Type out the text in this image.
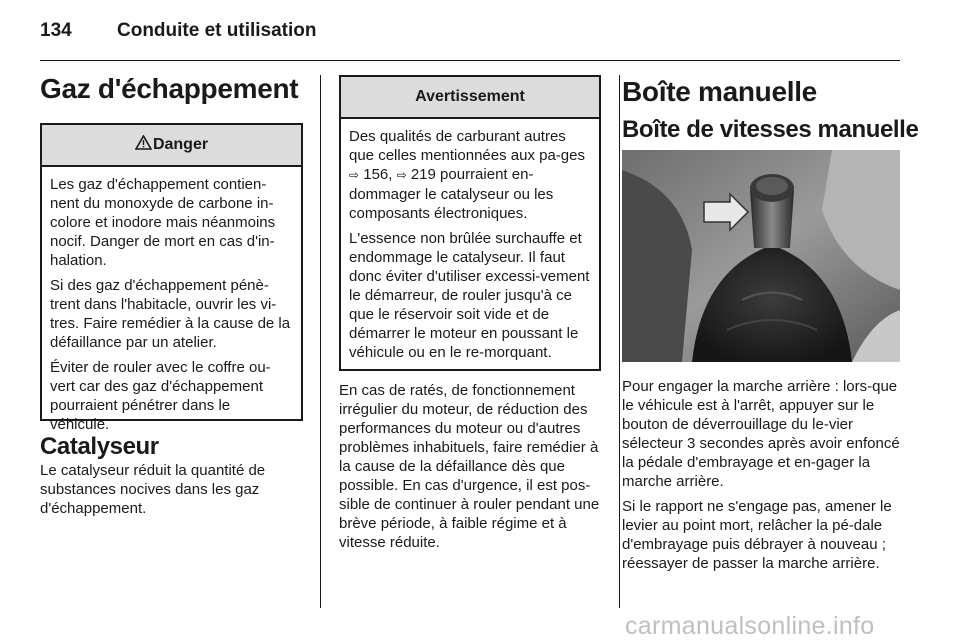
134 Conduite et utilisation
Gaz d'échappement
Danger

Les gaz d'échappement contien-nent du monoxyde de carbone in-colore et inodore mais néanmoins nocif. Danger de mort en cas d'in-halation.

Si des gaz d'échappement pénè-trent dans l'habitacle, ouvrir les vi-tres. Faire remédier à la cause de la défaillance par un atelier.

Éviter de rouler avec le coffre ou-vert car des gaz d'échappement pourraient pénétrer dans le véhicule.

Catalyseur
Le catalyseur réduit la quantité de substances nocives dans les gaz d'échappement.
Avertissement

Des qualités de carburant autres que celles mentionnées aux pa-ges ⇨ 156, ⇨ 219 pourraient en-dommager le catalyseur ou les composants électroniques.

L'essence non brûlée surchauffe et endommage le catalyseur. Il faut donc éviter d'utiliser excessi-vement le démarreur, de rouler jusqu'à ce que le réservoir soit vide et de démarrer le moteur en poussant le véhicule ou en le re-morquant.

En cas de ratés, de fonctionnement irrégulier du moteur, de réduction des performances du moteur ou d'autres problèmes inhabituels, faire remédier à la cause de la défaillance dès que possible. En cas d'urgence, il est pos-sible de continuer à rouler pendant une brève période, à faible régime et à vitesse réduite.
Boîte manuelle
Boîte de vitesses manuelle

Pour engager la marche arrière : lors-que le véhicule est à l'arrêt, appuyer sur le bouton de déverrouillage du le-vier sélecteur 3 secondes après avoir enfoncé la pédale d'embrayage et en-gager la marche arrière.

Si le rapport ne s'engage pas, amener le levier au point mort, relâcher la pé-dale d'embrayage puis débrayer à nouveau ; réessayer de passer la marche arrière.

carmanualsonline.info
